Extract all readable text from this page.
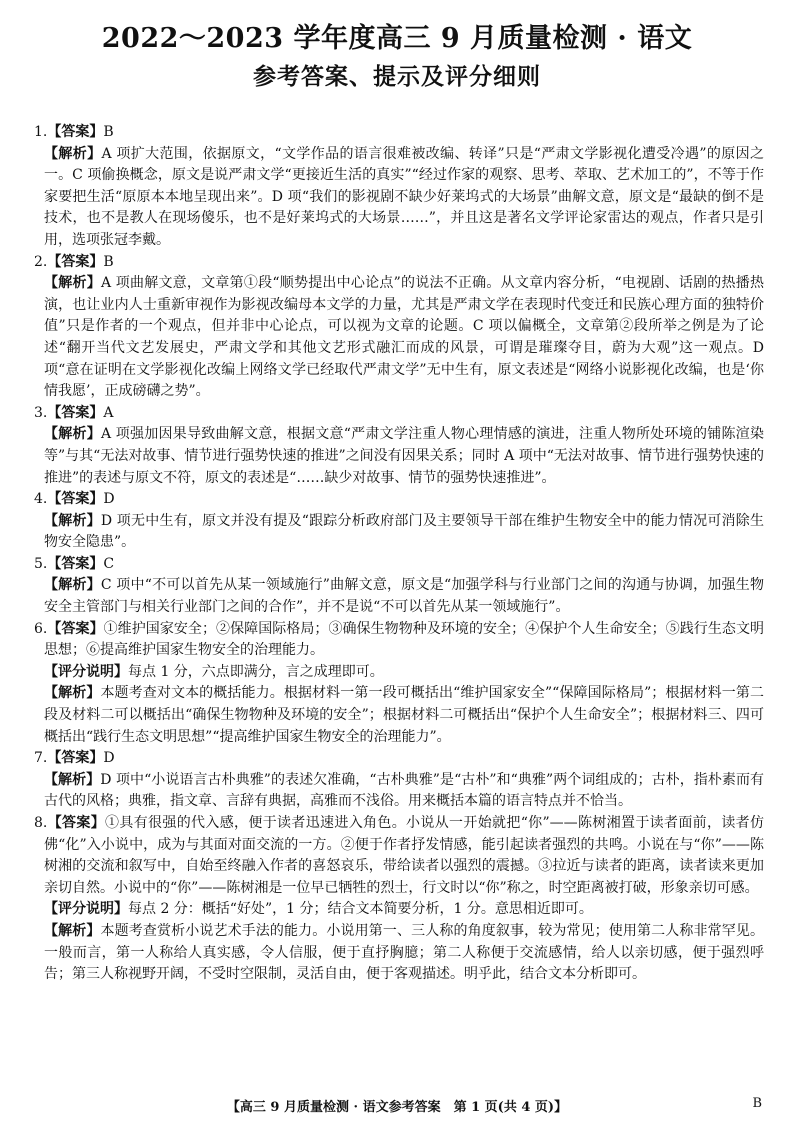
2022～2023 学年度高三 9 月质量检测 · 语文
参考答案、提示及评分细则

1.【答案】B

【解析】A 项扩大范围，依据原文，“文学作品的语言很难被改编、转译”只是“严肃文学影视化遭受冷遇”的原因之一。C 项偷换概念，原文是说严肃文学“更接近生活的真实”“经过作家的观察、思考、萃取、艺术加工的”，不等于作家要把生活“原原本本地呈现出来”。D 项“我们的影视剧不缺少好莱坞式的大场景”曲解文意，原文是“最缺的倒不是技术，也不是教人在现场傻乐，也不是好莱坞式的大场景……”，并且这是著名文学评论家雷达的观点，作者只是引用，选项张冠李戴。

2.【答案】B

【解析】A 项曲解文意，文章第①段“顺势提出中心论点”的说法不正确。从文章内容分析，“电视剧、话剧的热播热演，也让业内人士重新审视作为影视改编母本文学的力量，尤其是严肃文学在表现时代变迁和民族心理方面的独特价值”只是作者的一个观点，但并非中心论点，可以视为文章的论题。C 项以偏概全，文章第②段所举之例是为了论述“翻开当代文艺发展史，严肃文学和其他文艺形式融汇而成的风景，可谓是璀璨夺目，蔚为大观”这一观点。D 项“意在证明在文学影视化改编上网络文学已经取代严肃文学”无中生有，原文表述是“网络小说影视化改编，也是‘你情我愿’，正成磅礴之势”。

3.【答案】A

【解析】A 项强加因果导致曲解文意，根据文意“严肃文学注重人物心理情感的演进，注重人物所处环境的铺陈渲染等”与其“无法对故事、情节进行强势快速的推进”之间没有因果关系；同时 A 项中“无法对故事、情节进行强势快速的推进”的表述与原文不符，原文的表述是“……缺少对故事、情节的强势快速推进”。

4.【答案】D

【解析】D 项无中生有，原文并没有提及“跟踪分析政府部门及主要领导干部在维护生物安全中的能力情况可消除生物安全隐患”。

5.【答案】C

【解析】C 项中“不可以首先从某一领域施行”曲解文意，原文是“加强学科与行业部门之间的沟通与协调，加强生物安全主管部门与相关行业部门之间的合作”，并不是说“不可以首先从某一领域施行”。

6.【答案】①维护国家安全；②保障国际格局；③确保生物物种及环境的安全；④保护个人生命安全；⑤践行生态文明思想；⑥提高维护国家生物安全的治理能力。

【评分说明】每点 1 分，六点即满分，言之成理即可。

【解析】本题考查对文本的概括能力。根据材料一第一段可概括出“维护国家安全”“保障国际格局”；根据材料一第二段及材料二可以概括出“确保生物物种及环境的安全”；根据材料二可概括出“保护个人生命安全”；根据材料三、四可概括出“践行生态文明思想”“提高维护国家生物安全的治理能力”。

7.【答案】D

【解析】D 项中“小说语言古朴典雅”的表述欠准确，“古朴典雅”是“古朴”和“典雅”两个词组成的；古朴，指朴素而有古代的风格；典雅，指文章、言辞有典据，高雅而不浅俗。用来概括本篇的语言特点并不恰当。

8.【答案】①具有很强的代入感，便于读者迅速进入角色。小说从一开始就把“你”——陈树湘置于读者面前，读者仿佛“化”入小说中，成为与其面对面交流的一方。②便于作者抒发情感，能引起读者强烈的共鸣。小说在与“你”——陈树湘的交流和叙写中，自始至终融入作者的喜怒哀乐，带给读者以强烈的震撼。③拉近与读者的距离，读者读来更加亲切自然。小说中的“你”——陈树湘是一位早已牺牲的烈士，行文时以“你”称之，时空距离被打破，形象亲切可感。

【评分说明】每点 2 分：概括“好处”，1 分；结合文本简要分析，1 分。意思相近即可。

【解析】本题考查赏析小说艺术手法的能力。小说用第一、三人称的角度叙事，较为常见；使用第二人称非常罕见。一般而言，第一人称给人真实感，令人信服，便于直抒胸臆；第二人称便于交流感情，给人以亲切感，便于强烈呼告；第三人称视野开阔，不受时空限制，灵活自由，便于客观描述。明乎此，结合文本分析即可。

【高三 9 月质量检测 · 语文参考答案　第 1 页(共 4 页)】	B
